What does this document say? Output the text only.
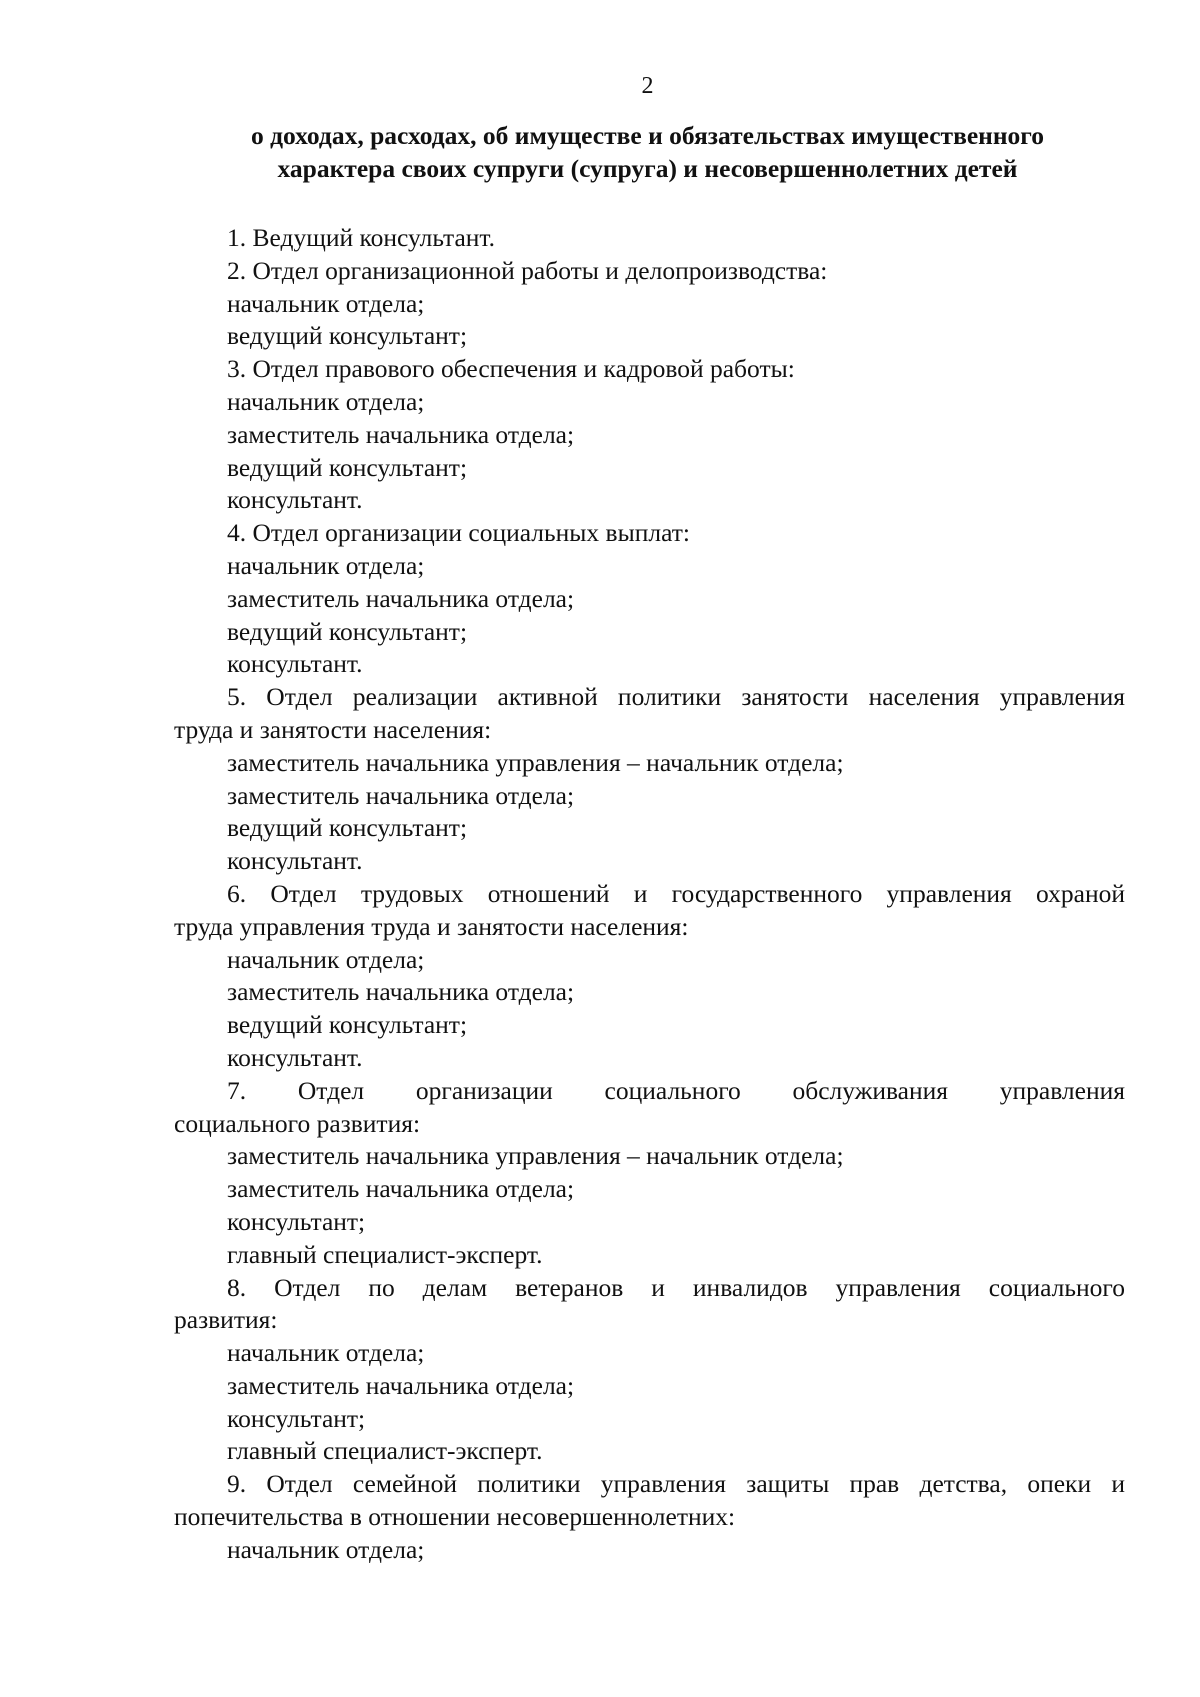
2
о доходах, расходах, об имуществе и обязательствах имущественного
характера своих супруги (супруга) и несовершеннолетних детей
1. Ведущий консультант.
2. Отдел организационной работы и делопроизводства:
начальник отдела;
ведущий консультант;
3. Отдел правового обеспечения и кадровой работы:
начальник отдела;
заместитель начальника отдела;
ведущий консультант;
консультант.
4. Отдел организации социальных выплат:
начальник отдела;
заместитель начальника отдела;
ведущий консультант;
консультант.
5. Отдел реализации активной политики занятости населения управления
труда и занятости населения:
заместитель начальника управления – начальник отдела;
заместитель начальника отдела;
ведущий консультант;
консультант.
6. Отдел трудовых отношений и государственного управления охраной
труда управления труда и занятости населения:
начальник отдела;
заместитель начальника отдела;
ведущий консультант;
консультант.
7. Отдел организации социального обслуживания управления
социального развития:
заместитель начальника управления – начальник отдела;
заместитель начальника отдела;
консультант;
главный специалист-эксперт.
8. Отдел по делам ветеранов и инвалидов управления социального
развития:
начальник отдела;
заместитель начальника отдела;
консультант;
главный специалист-эксперт.
9. Отдел семейной политики управления защиты прав детства, опеки и
попечительства в отношении несовершеннолетних:
начальник отдела;
